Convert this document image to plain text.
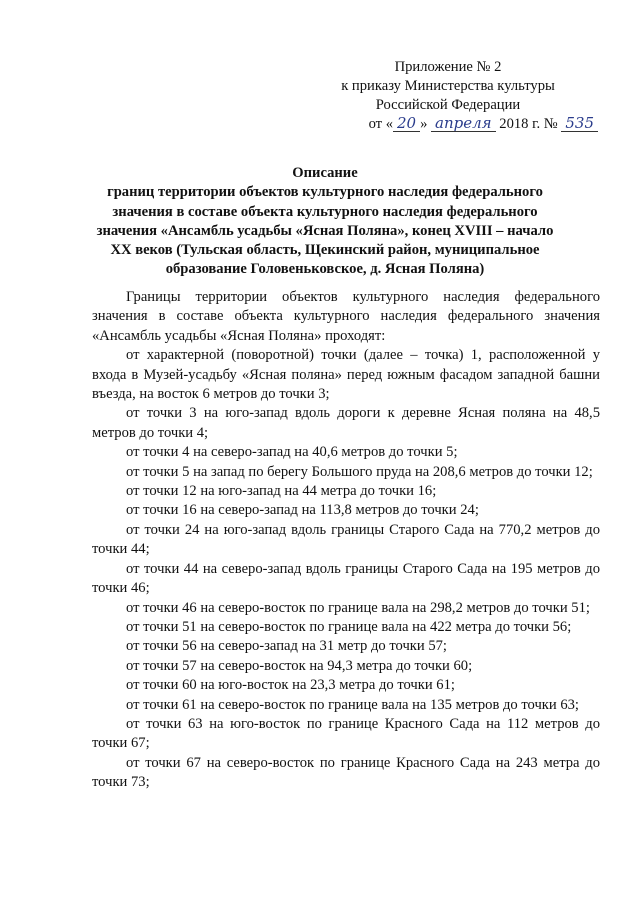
Приложение № 2
к приказу Министерства культуры
Российской Федерации
от « 20 » апреля 2018 г. № 535
Описание
границ территории объектов культурного наследия федерального
значения в составе объекта культурного наследия федерального
значения «Ансамбль усадьбы «Ясная Поляна», конец XVIII – начало
XX веков (Тульская область, Щекинский район, муниципальное
образование Головеньковское, д. Ясная Поляна)

Границы территории объектов культурного наследия федерального значения в составе объекта культурного наследия федерального значения «Ансамбль усадьбы «Ясная Поляна» проходят:

от характерной (поворотной) точки (далее – точка) 1, расположенной у входа в Музей-усадьбу «Ясная поляна» перед южным фасадом западной башни въезда, на восток 6 метров до точки 3;

от точки 3 на юго-запад вдоль дороги к деревне Ясная поляна на 48,5 метров до точки 4;

от точки 4 на северо-запад на 40,6 метров до точки 5;

от точки 5 на запад по берегу Большого пруда на 208,6 метров до точки 12;

от точки 12 на юго-запад на 44 метра до точки 16;

от точки 16 на северо-запад на 113,8 метров до точки 24;

от точки 24 на юго-запад вдоль границы Старого Сада на 770,2 метров до точки 44;

от точки 44 на северо-запад вдоль границы Старого Сада на 195 метров до точки 46;

от точки 46 на северо-восток по границе вала на 298,2 метров до точки 51;

от точки 51 на северо-восток по границе вала на 422 метра до точки 56;

от точки 56 на северо-запад на 31 метр до точки 57;

от точки 57 на северо-восток на 94,3 метра до точки 60;

от точки 60 на юго-восток на 23,3 метра до точки 61;

от точки 61 на северо-восток по границе вала на 135 метров до точки 63;

от точки 63 на юго-восток по границе Красного Сада на 112 метров до точки 67;

от точки 67 на северо-восток по границе Красного Сада на 243 метра до точки 73;
